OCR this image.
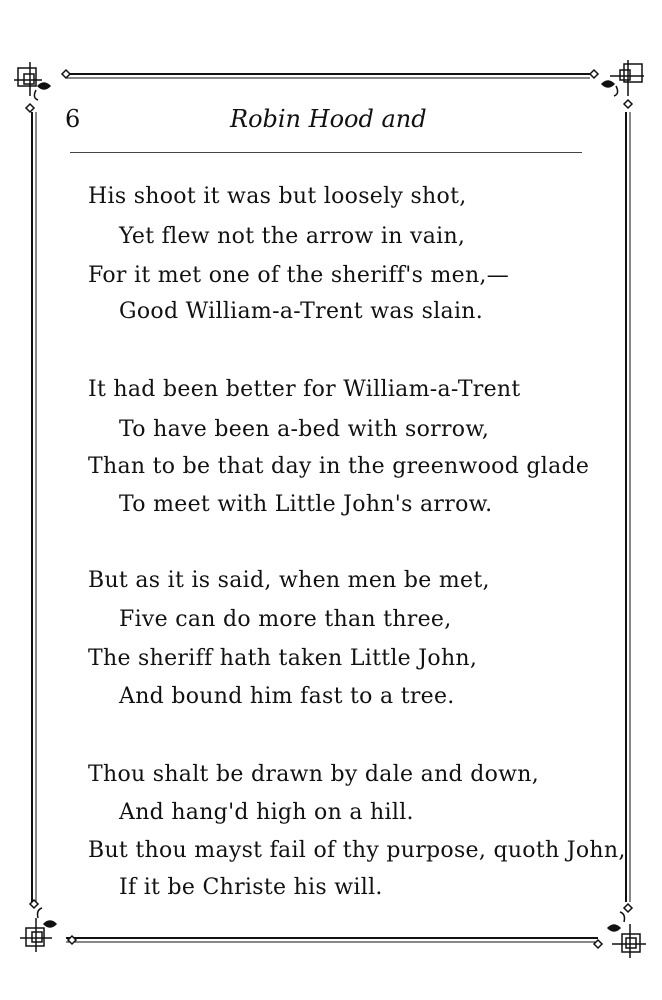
6	Robin Hood and
His shoot it was but loosely shot,
Yet flew not the arrow in vain,
For it met one of the sheriff's men,—
Good William-a-Trent was slain.
It had been better for William-a-Trent
To have been a-bed with sorrow,
Than to be that day in the greenwood glade
To meet with Little John's arrow.
But as it is said, when men be met,
Five can do more than three,
The sheriff hath taken Little John,
And bound him fast to a tree.
Thou shalt be drawn by dale and down,
And hang'd high on a hill.
But thou mayst fail of thy purpose, quoth John,
If it be Christe his will.
